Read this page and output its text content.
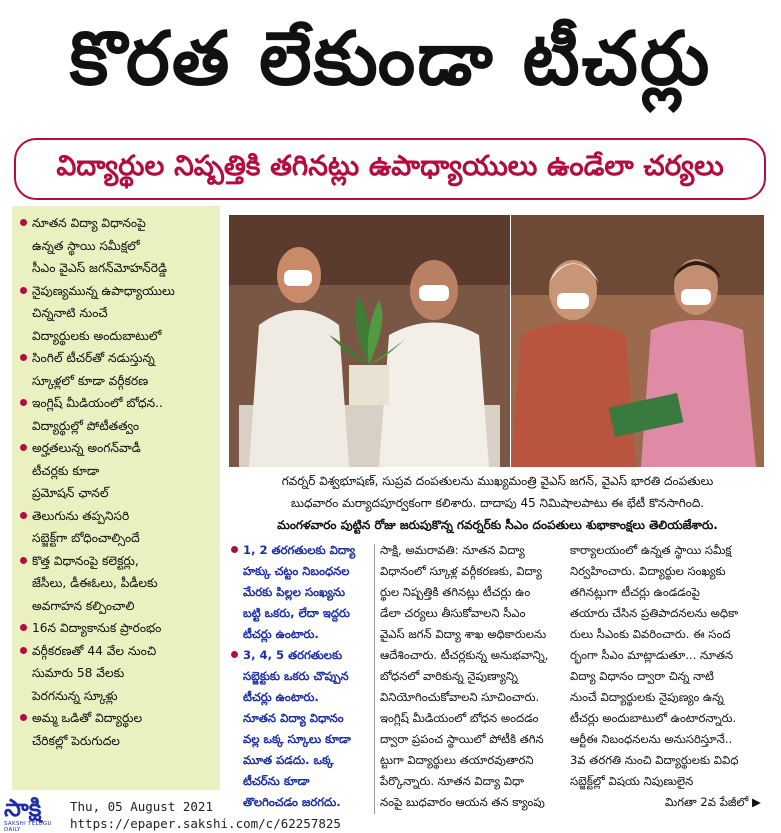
కొరత లేకుండా టీచర్లు
విద్యార్థుల నిష్పత్తికి తగినట్లు ఉపాధ్యాయులు ఉండేలా చర్యలు
నూతన విద్యా విధానంపై
ఉన్నత స్థాయి సమీక్షలో
సీఎం వైఎస్ జగన్‌మోహన్‌రెడ్డి
నైపుణ్యమున్న ఉపాధ్యాయులు
చిన్ననాటి నుంచే
విద్యార్థులకు అందుబాటులో
సింగిల్ టీచర్‌తో నడుస్తున్న
స్కూళ్లలో కూడా వర్గీకరణ
ఇంగ్లిష్ మీడియంలో బోధన..
విద్యార్థుల్లో పోటీతత్వం
అర్హతలున్న అంగన్‌వాడీ
టీచర్లకు కూడా
ప్రమోషన్ ఛానల్
తెలుగును తప్పనిసరి
సబ్జెక్ట్‌గా బోధించాల్సిందే
కొత్త విధానంపై కలెక్టర్లు,
జేసీలు, డీఈఓలు, పీడీలకు
అవగాహన కల్పించాలి
16న విద్యాకానుక ప్రారంభం
వర్గీకరణతో 44 వేల నుంచి
సుమారు 58 వేలకు
పెరగనున్న స్కూళ్లు
అమ్మ ఒడితో విద్యార్థుల
చేరికల్లో పెరుగుదల
గవర్నర్ విశ్వభూషణ్, సుప్రవ దంపతులను ముఖ్యమంత్రి వైఎస్ జగన్, వైఎస్ భారతి దంపతులు
బుధవారం మర్యాదపూర్వకంగా కలిశారు. దాదాపు 45 నిమిషాలపాటు ఈ భేటీ కొనసాగింది.
మంగళవారం పుట్టిన రోజు జరుపుకొన్న గవర్నర్‌కు సీఎం దంపతులు శుభాకాంక్షలు తెలియజేశారు.
1, 2 తరగతులకు విద్యా
హక్కు చట్టం నిబంధనల
మేరకు పిల్లల సంఖ్యను
బట్టి ఒకరు, లేదా ఇద్దరు
టీచర్లు ఉంటారు.
3, 4, 5 తరగతులకు
సబ్జెక్టుకు ఒకరు చొప్పున
టీచర్లు ఉంటారు.
నూతన విద్యా విధానం
వల్ల ఒక్క స్కూలు కూడా
మూత పడదు. ఒక్క
టీచర్‌ను కూడా
తొలగించడం జరగదు.
సాక్షి, అమరావతి: నూతన విద్యా
విధానంలో స్కూళ్ల వర్గీకరణకు, విద్యా
ర్థుల నిష్పత్తికి తగినట్లు టీచర్లు ఉం
డేలా చర్యలు తీసుకోవాలని సీఎం
వైఎస్ జగన్ విద్యా శాఖ అధికారులను
ఆదేశించారు. టీచర్లకున్న అనుభవాన్ని,
బోధనలో వారికున్న నైపుణ్యాన్ని వినియోగించుకోవాలని సూచించారు.
ఇంగ్లిష్ మీడియంలో బోధన అందడం
ద్వారా ప్రపంచ స్థాయిలో పోటీకి తగిన
ట్టుగా విద్యార్థులు తయారవుతారని
పేర్కొన్నారు. నూతన విద్యా విధా
నంపై బుధవారం ఆయన తన క్యాంపు
కార్యాలయంలో ఉన్నత స్థాయి సమీక్ష
నిర్వహించారు. విద్యార్థుల సంఖ్యకు
తగినట్లుగా టీచర్లు ఉండడంపై
తయారు చేసిన ప్రతిపాదనలను అధికా
రులు సీఎంకు వివరించారు. ఈ సంద
ర్భంగా సీఎం మాట్లాడుతూ... నూతన
విద్యా విధానం ద్వారా చిన్న నాటి
నుంచే విద్యార్థులకు నైపుణ్యం ఉన్న
టీచర్లు అందుబాటులో ఉంటారన్నారు.
ఆర్టీఈ నిబంధనలను అనుసరిస్తూనే..
3వ తరగతి నుంచి విద్యార్థులకు వివిధ
సబ్జెక్ట్‌ల్లో విషయ నిపుణులైన
మిగతా 2వ పేజీలో ▶
సాక్షి
SAKSHI TELUGU DAILY
Thu, 05 August 2021
https://epaper.sakshi.com/c/62257825
